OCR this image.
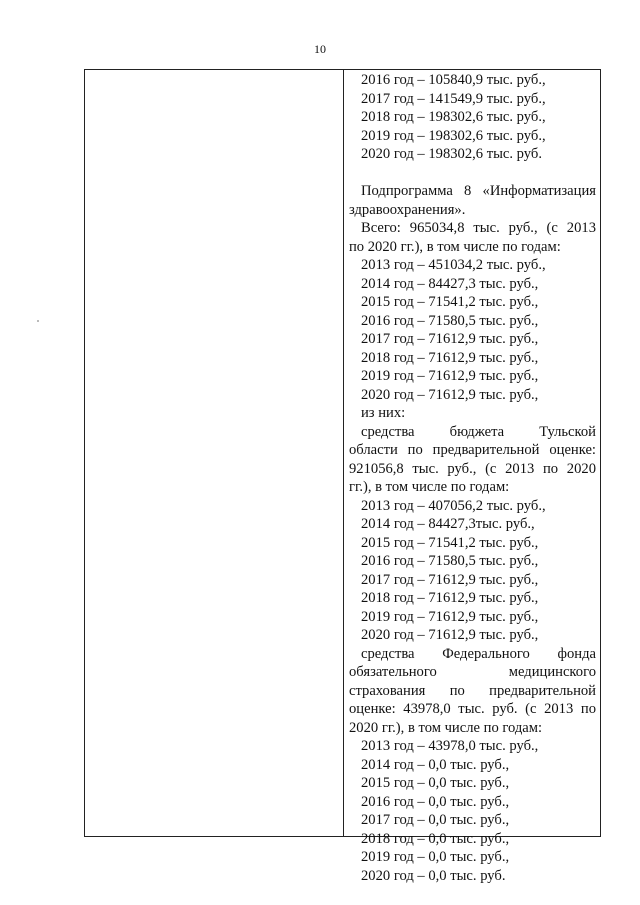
10
2016 год – 105840,9 тыс. руб.,
2017 год – 141549,9 тыс. руб.,
2018 год – 198302,6 тыс. руб.,
2019 год – 198302,6 тыс. руб.,
2020 год – 198302,6 тыс. руб.
Подпрограмма 8 «Информатизация
здравоохранения».
Всего: 965034,8 тыс. руб., (с 2013
по 2020 гг.), в том числе по годам:
2013 год – 451034,2 тыс. руб.,
2014 год – 84427,3 тыс. руб.,
2015 год – 71541,2 тыс. руб.,
2016 год – 71580,5 тыс. руб.,
2017 год – 71612,9 тыс. руб.,
2018 год – 71612,9 тыс. руб.,
2019 год – 71612,9 тыс. руб.,
2020 год – 71612,9 тыс. руб.,
из них:
средства бюджета Тульской
области по предварительной оценке:
921056,8 тыс. руб., (с 2013 по 2020
гг.), в том числе по годам:
2013 год – 407056,2 тыс. руб.,
2014 год – 84427,3тыс. руб.,
2015 год – 71541,2 тыс. руб.,
2016 год – 71580,5 тыс. руб.,
2017 год – 71612,9 тыс. руб.,
2018 год – 71612,9 тыс. руб.,
2019 год – 71612,9 тыс. руб.,
2020 год – 71612,9 тыс. руб.,
средства Федерального фонда
обязательного медицинского
страхования по предварительной
оценке: 43978,0 тыс. руб. (с 2013 по
2020 гг.), в том числе по годам:
2013 год – 43978,0 тыс. руб.,
2014 год – 0,0 тыс. руб.,
2015 год – 0,0 тыс. руб.,
2016 год – 0,0 тыс. руб.,
2017 год – 0,0 тыс. руб.,
2018 год – 0,0 тыс. руб.,
2019 год – 0,0 тыс. руб.,
2020 год – 0,0 тыс. руб.
